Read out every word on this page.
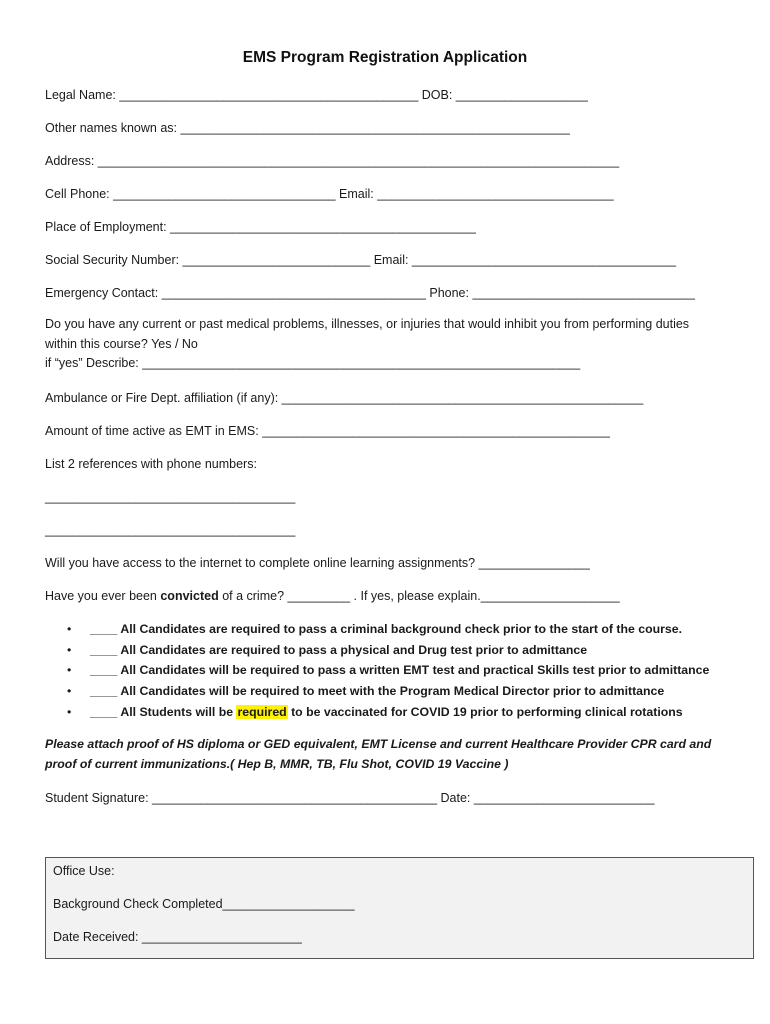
EMS Program Registration Application
Legal Name: ___________________________________________ DOB: ___________________
Other names known as: ________________________________________________________
Address: ___________________________________________________________________________
Cell Phone: ________________________________ Email: __________________________________
Place of Employment: ____________________________________________
Social Security Number: ___________________________ Email: ______________________________________
Emergency Contact: ______________________________________ Phone: ________________________________
Do you have any current or past medical problems, illnesses, or injuries that would inhibit you from performing duties
within this course? Yes / No
if “yes” Describe: _______________________________________________________________
Ambulance or Fire Dept. affiliation (if any): ____________________________________________________
Amount of time active as EMT in EMS: __________________________________________________
List 2 references with phone numbers:
____________________________________
____________________________________
Will you have access to the internet to complete online learning assignments? ________________
Have you ever been convicted of a crime? _________ . If yes, please explain.____________________
• ____ All Candidates are required to pass a criminal background check prior to the start of the course.
• ____ All Candidates are required to pass a physical and Drug test prior to admittance
• ____ All Candidates will be required to pass a written EMT test and practical Skills test prior to admittance
• ____ All Candidates will be required to meet with the Program Medical Director prior to admittance
• ____ All Students will be required to be vaccinated for COVID 19 prior to performing clinical rotations
Please attach proof of HS diploma or GED equivalent, EMT License and current Healthcare Provider CPR card and proof of current immunizations.( Hep B, MMR, TB, Flu Shot, COVID 19 Vaccine )
Student Signature: _________________________________________ Date: __________________________
Office Use:
Background Check Completed___________________
Date Received: _______________________
